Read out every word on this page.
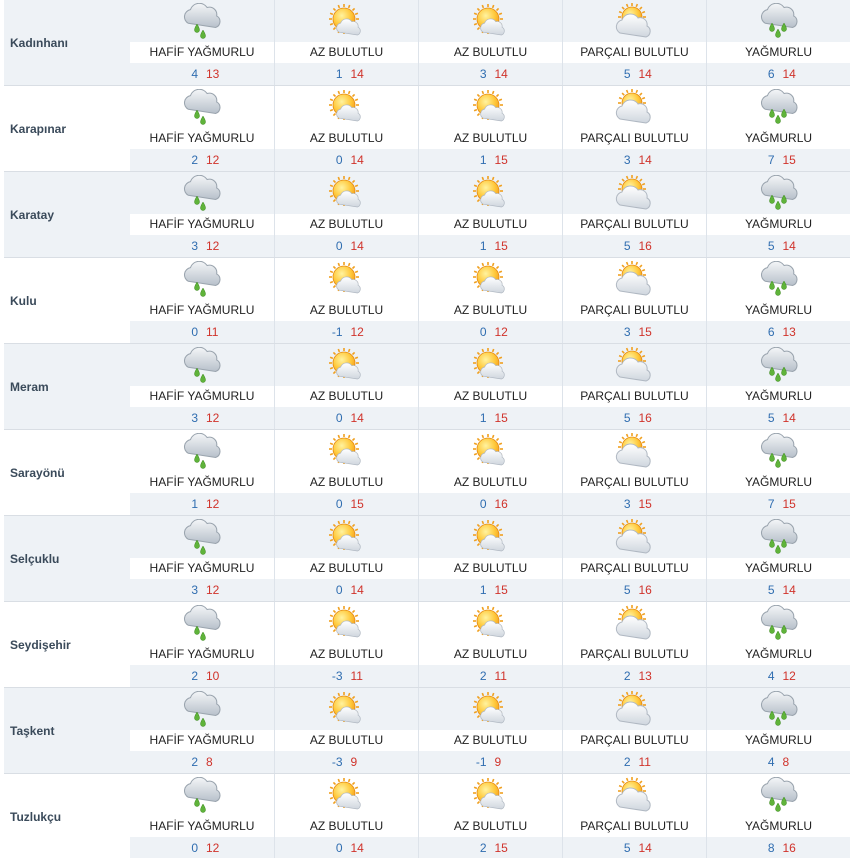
Kadınhanı
HAFİF YAĞMURLU
4 13
AZ BULUTLU
1 14
AZ BULUTLU
3 14
PARÇALI BULUTLU
5 14
YAĞMURLU
6 14
Karapınar
HAFİF YAĞMURLU
2 12
AZ BULUTLU
0 14
AZ BULUTLU
1 15
PARÇALI BULUTLU
3 14
YAĞMURLU
7 15
Karatay
HAFİF YAĞMURLU
3 12
AZ BULUTLU
0 14
AZ BULUTLU
1 15
PARÇALI BULUTLU
5 16
YAĞMURLU
5 14
Kulu
HAFİF YAĞMURLU
0 11
AZ BULUTLU
-1 12
AZ BULUTLU
0 12
PARÇALI BULUTLU
3 15
YAĞMURLU
6 13
Meram
HAFİF YAĞMURLU
3 12
AZ BULUTLU
0 14
AZ BULUTLU
1 15
PARÇALI BULUTLU
5 16
YAĞMURLU
5 14
Sarayönü
HAFİF YAĞMURLU
1 12
AZ BULUTLU
0 15
AZ BULUTLU
0 16
PARÇALI BULUTLU
3 15
YAĞMURLU
7 15
Selçuklu
HAFİF YAĞMURLU
3 12
AZ BULUTLU
0 14
AZ BULUTLU
1 15
PARÇALI BULUTLU
5 16
YAĞMURLU
5 14
Seydişehir
HAFİF YAĞMURLU
2 10
AZ BULUTLU
-3 11
AZ BULUTLU
2 11
PARÇALI BULUTLU
2 13
YAĞMURLU
4 12
Taşkent
HAFİF YAĞMURLU
2 8
AZ BULUTLU
-3 9
AZ BULUTLU
-1 9
PARÇALI BULUTLU
2 11
YAĞMURLU
4 8
Tuzlukçu
HAFİF YAĞMURLU
0 12
AZ BULUTLU
0 14
AZ BULUTLU
2 15
PARÇALI BULUTLU
5 14
YAĞMURLU
8 16
